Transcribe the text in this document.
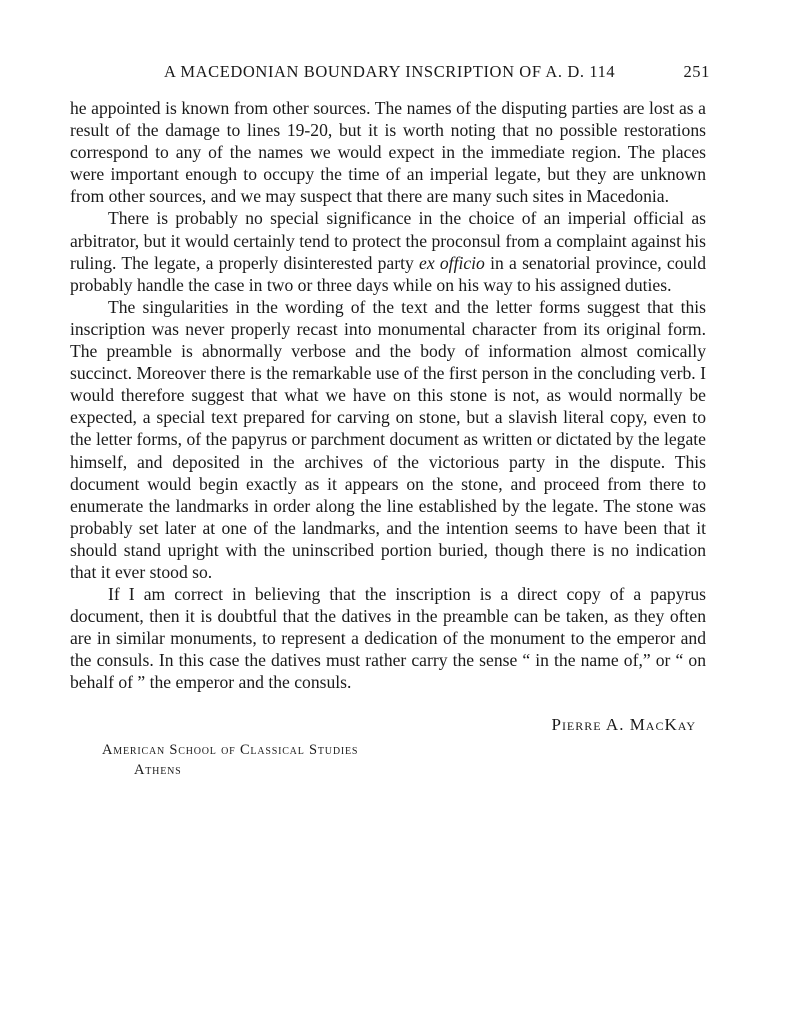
A MACEDONIAN BOUNDARY INSCRIPTION OF A. D. 114	251

he appointed is known from other sources. The names of the disputing parties are lost as a result of the damage to lines 19-20, but it is worth noting that no possible restorations correspond to any of the names we would expect in the immediate region. The places were important enough to occupy the time of an imperial legate, but they are unknown from other sources, and we may suspect that there are many such sites in Macedonia.

There is probably no special significance in the choice of an imperial official as arbitrator, but it would certainly tend to protect the proconsul from a complaint against his ruling. The legate, a properly disinterested party ex officio in a senatorial province, could probably handle the case in two or three days while on his way to his assigned duties.

The singularities in the wording of the text and the letter forms suggest that this inscription was never properly recast into monumental character from its original form. The preamble is abnormally verbose and the body of information almost comically succinct. Moreover there is the remarkable use of the first person in the concluding verb. I would therefore suggest that what we have on this stone is not, as would normally be expected, a special text prepared for carving on stone, but a slavish literal copy, even to the letter forms, of the papyrus or parchment document as written or dictated by the legate himself, and deposited in the archives of the victorious party in the dispute. This document would begin exactly as it appears on the stone, and proceed from there to enumerate the landmarks in order along the line established by the legate. The stone was probably set later at one of the landmarks, and the intention seems to have been that it should stand upright with the uninscribed portion buried, though there is no indication that it ever stood so.

If I am correct in believing that the inscription is a direct copy of a papyrus document, then it is doubtful that the datives in the preamble can be taken, as they often are in similar monuments, to represent a dedication of the monument to the emperor and the consuls. In this case the datives must rather carry the sense “ in the name of,” or “ on behalf of ” the emperor and the consuls.

Pierre A. MacKay
American School of Classical Studies
Athens
